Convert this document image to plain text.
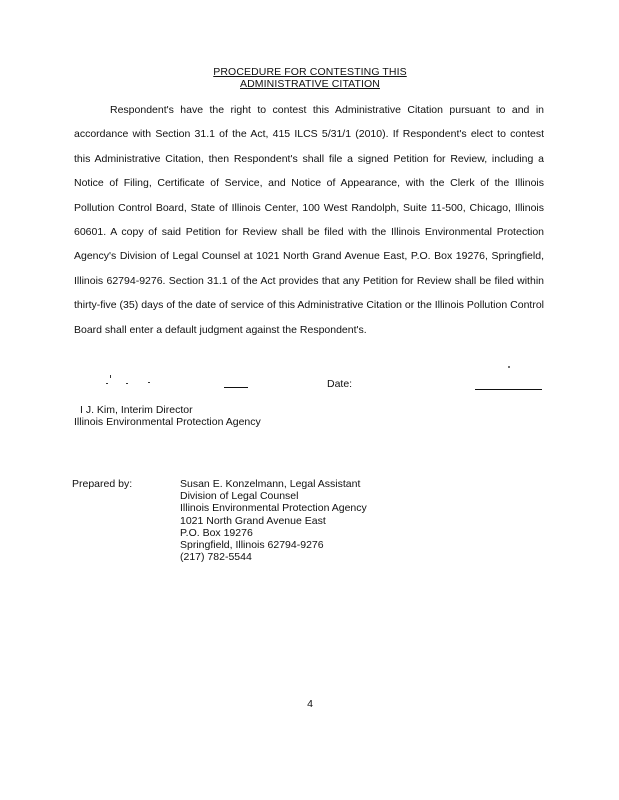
PROCEDURE FOR CONTESTING THIS
ADMINISTRATIVE CITATION

Respondent's have the right to contest this Administrative Citation pursuant to and in accordance with Section 31.1 of the Act, 415 ILCS 5/31/1 (2010). If Respondent's elect to contest this Administrative Citation, then Respondent's shall file a signed Petition for Review, including a Notice of Filing, Certificate of Service, and Notice of Appearance, with the Clerk of the Illinois Pollution Control Board, State of Illinois Center, 100 West Randolph, Suite 11-500, Chicago, Illinois 60601. A copy of said Petition for Review shall be filed with the Illinois Environmental Protection Agency's Division of Legal Counsel at 1021 North Grand Avenue East, P.O. Box 19276, Springfield, Illinois 62794-9276. Section 31.1 of the Act provides that any Petition for Review shall be filed within thirty-five (35) days of the date of service of this Administrative Citation or the Illinois Pollution Control Board shall enter a default judgment against the Respondent's.

Date:
I J. Kim, Interim Director
Illinois Environmental Protection Agency
Prepared by:	Susan E. Konzelmann, Legal Assistant
Division of Legal Counsel
Illinois Environmental Protection Agency
1021 North Grand Avenue East
P.O. Box 19276
Springfield, Illinois 62794-9276
(217) 782-5544
4
